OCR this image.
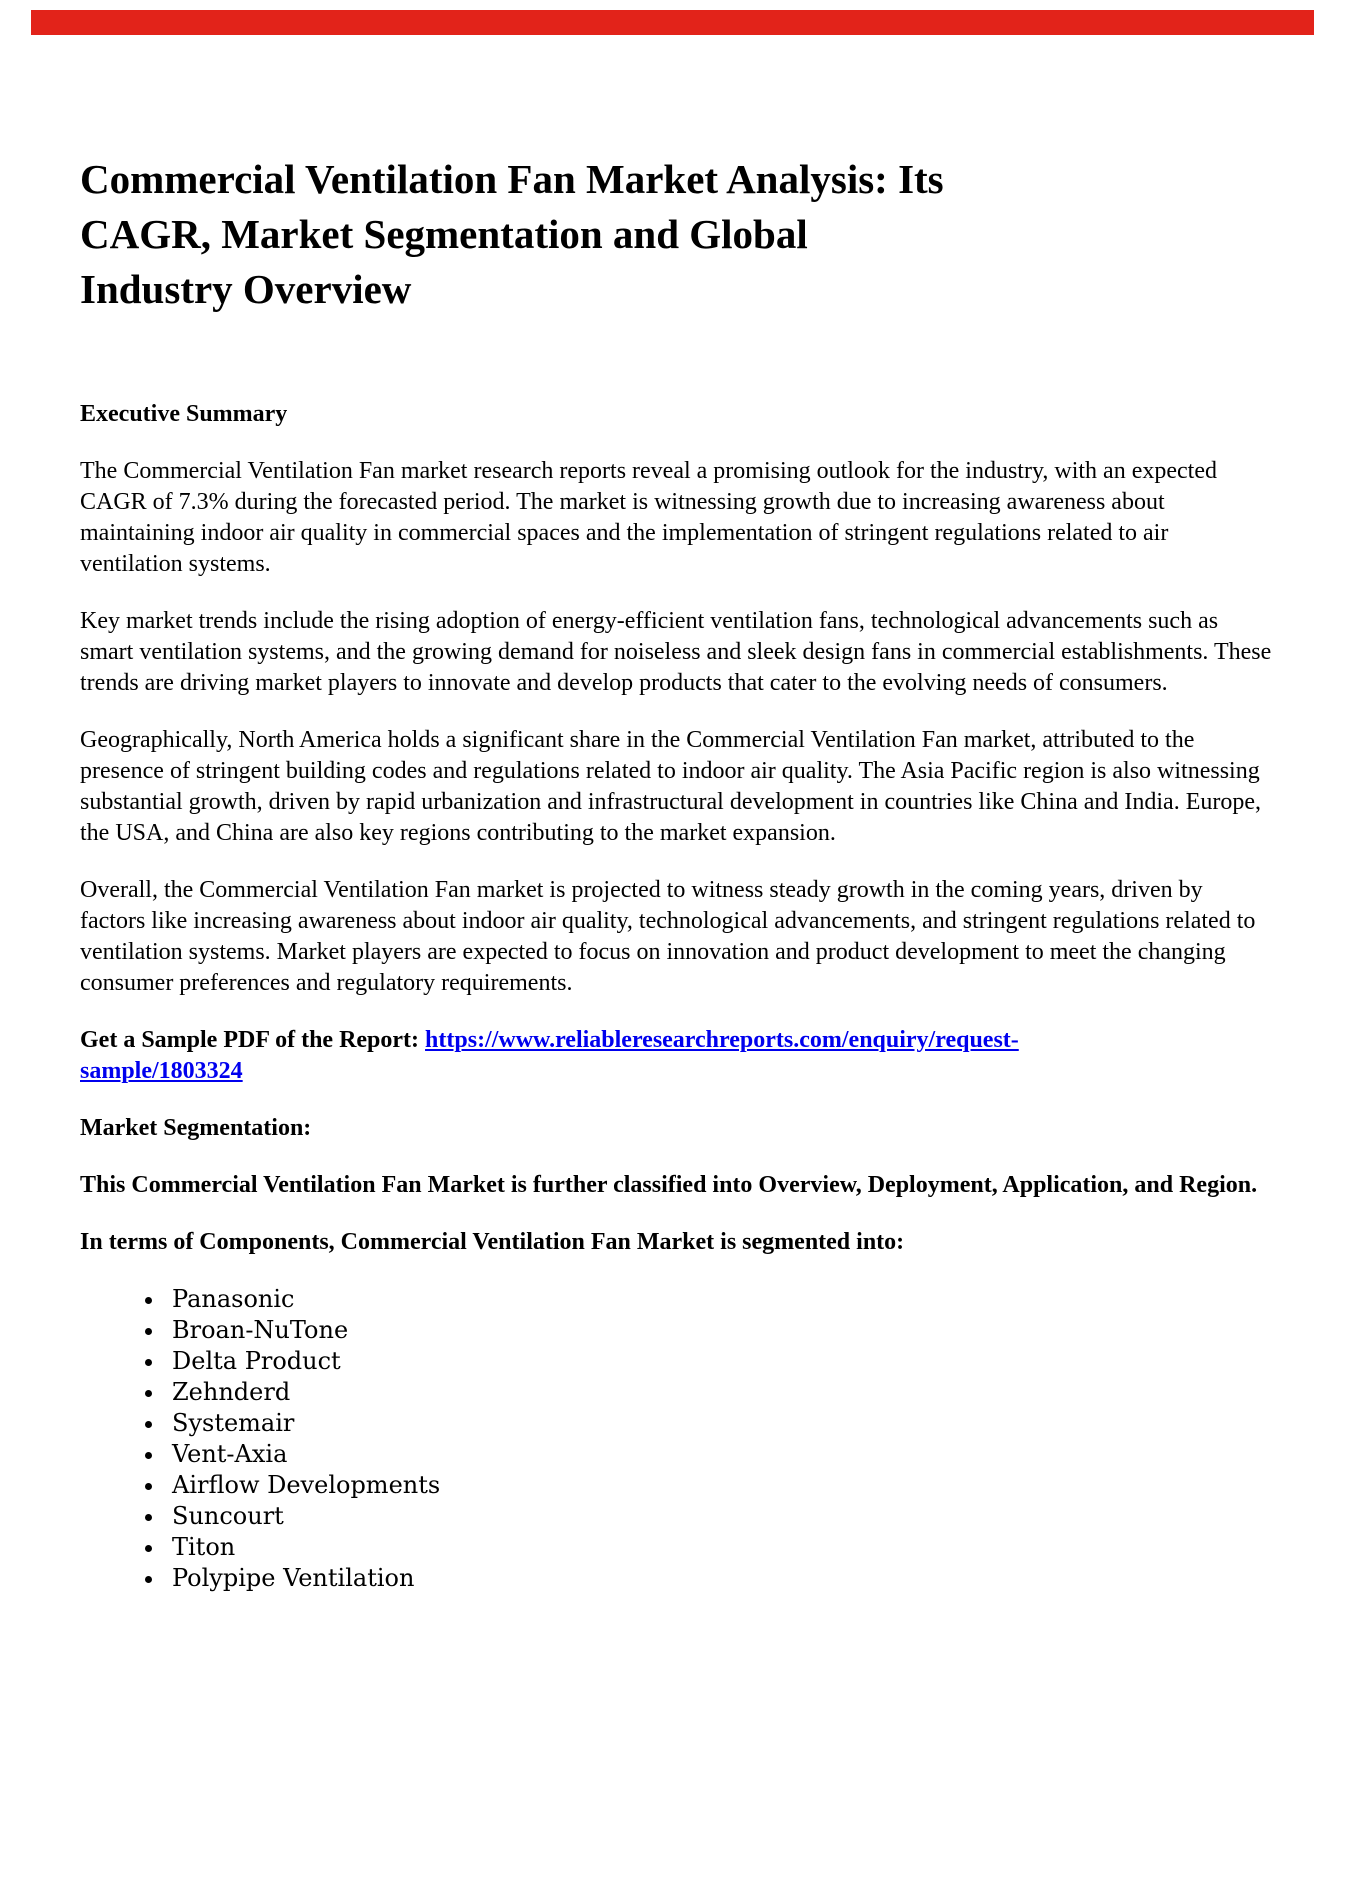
Commercial Ventilation Fan Market Analysis: Its
CAGR, Market Segmentation and Global
Industry Overview
Executive Summary

The Commercial Ventilation Fan market research reports reveal a promising outlook for the industry, with an expected CAGR of 7.3% during the forecasted period. The market is witnessing growth due to increasing awareness about maintaining indoor air quality in commercial spaces and the implementation of stringent regulations related to air ventilation systems.

Key market trends include the rising adoption of energy-efficient ventilation fans, technological advancements such as smart ventilation systems, and the growing demand for noiseless and sleek design fans in commercial establishments. These trends are driving market players to innovate and develop products that cater to the evolving needs of consumers.

Geographically, North America holds a significant share in the Commercial Ventilation Fan market, attributed to the presence of stringent building codes and regulations related to indoor air quality. The Asia Pacific region is also witnessing substantial growth, driven by rapid urbanization and infrastructural development in countries like China and India. Europe, the USA, and China are also key regions contributing to the market expansion.

Overall, the Commercial Ventilation Fan market is projected to witness steady growth in the coming years, driven by factors like increasing awareness about indoor air quality, technological advancements, and stringent regulations related to ventilation systems. Market players are expected to focus on innovation and product development to meet the changing consumer preferences and regulatory requirements.

Get a Sample PDF of the Report: https://www.reliableresearchreports.com/enquiry/request-
sample/1803324

Market Segmentation:

This Commercial Ventilation Fan Market is further classified into Overview, Deployment, Application, and Region.

In terms of Components, Commercial Ventilation Fan Market is segmented into:

• Panasonic
• Broan-NuTone
• Delta Product
• Zehnderd
• Systemair
• Vent-Axia
• Airflow Developments
• Suncourt
• Titon
• Polypipe Ventilation
